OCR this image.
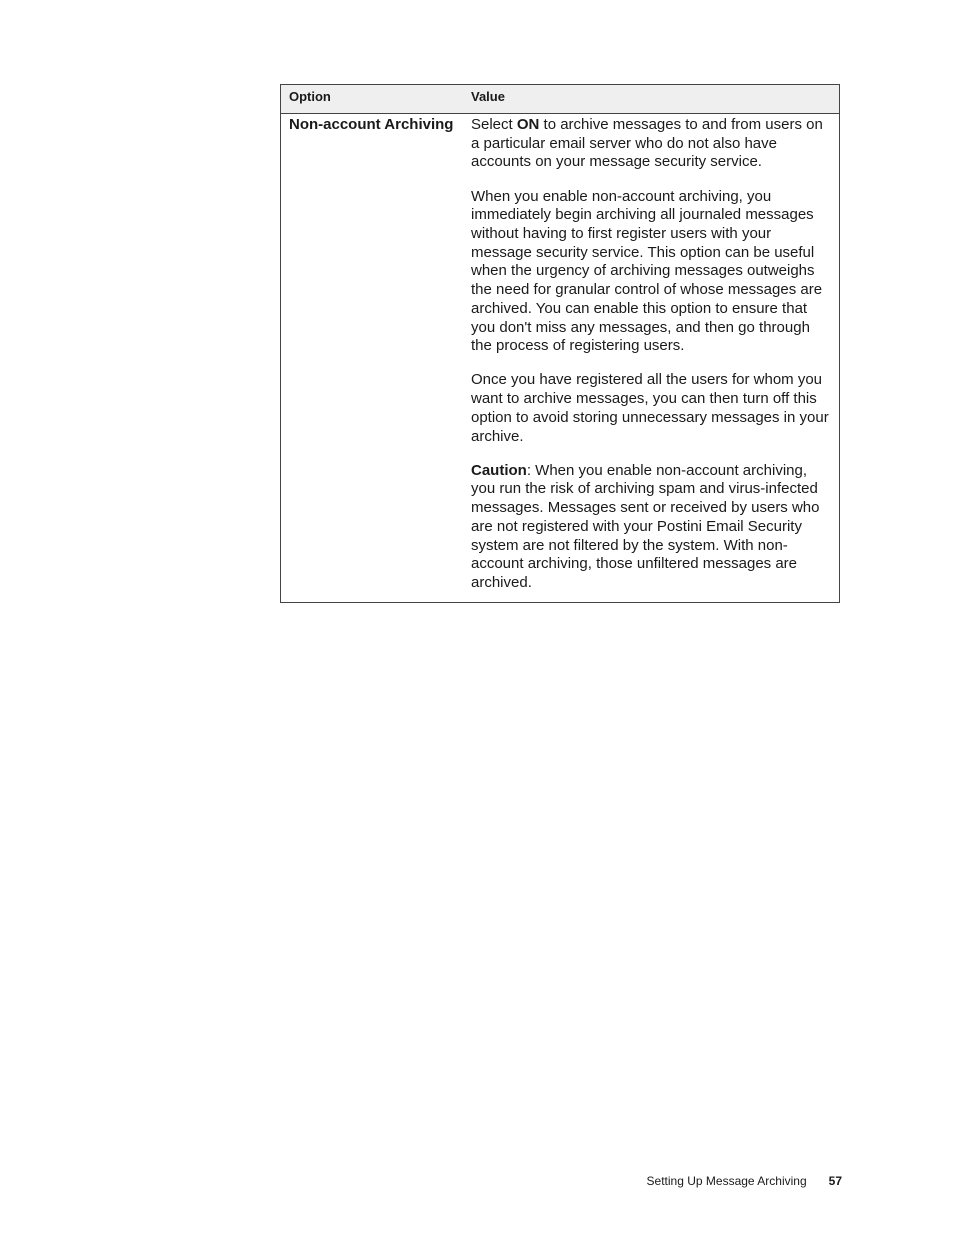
Option	Value
Non-account Archiving	Select ON to archive messages to and from users on a particular email server who do not also have accounts on your message security service.

When you enable non-account archiving, you immediately begin archiving all journaled messages without having to first register users with your message security service. This option can be useful when the urgency of archiving messages outweighs the need for granular control of whose messages are archived. You can enable this option to ensure that you don't miss any messages, and then go through the process of registering users.

Once you have registered all the users for whom you want to archive messages, you can then turn off this option to avoid storing unnecessary messages in your archive.

Caution: When you enable non-account archiving, you run the risk of archiving spam and virus-infected messages. Messages sent or received by users who are not registered with your Postini Email Security system are not filtered by the system. With non-account archiving, those unfiltered messages are archived.

Setting Up Message Archiving 57
